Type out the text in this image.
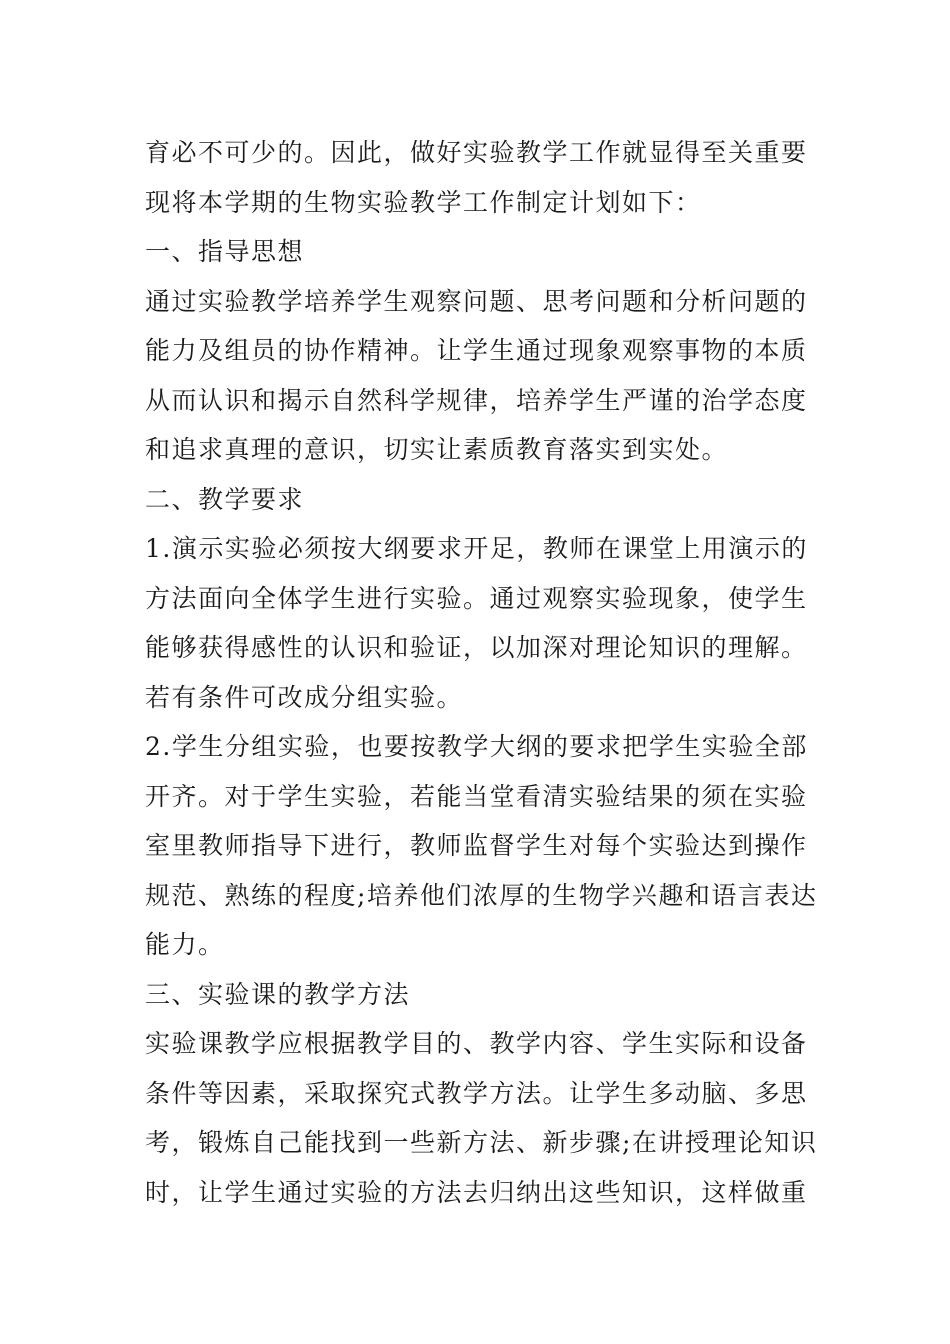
育必不可少的。因此，做好实验教学工作就显得至关重要
现将本学期的生物实验教学工作制定计划如下：
一、指导思想
通过实验教学培养学生观察问题、思考问题和分析问题的
能力及组员的协作精神。让学生通过现象观察事物的本质
从而认识和揭示自然科学规律，培养学生严谨的治学态度
和追求真理的意识，切实让素质教育落实到实处。
二、教学要求
1.演示实验必须按大纲要求开足，教师在课堂上用演示的
方法面向全体学生进行实验。通过观察实验现象，使学生
能够获得感性的认识和验证，以加深对理论知识的理解。
若有条件可改成分组实验。
2.学生分组实验，也要按教学大纲的要求把学生实验全部
开齐。对于学生实验，若能当堂看清实验结果的须在实验
室里教师指导下进行，教师监督学生对每个实验达到操作
规范、熟练的程度;培养他们浓厚的生物学兴趣和语言表达
能力。
三、实验课的教学方法
实验课教学应根据教学目的、教学内容、学生实际和设备
条件等因素，采取探究式教学方法。让学生多动脑、多思
考，锻炼自己能找到一些新方法、新步骤;在讲授理论知识
时，让学生通过实验的方法去归纳出这些知识，这样做重
